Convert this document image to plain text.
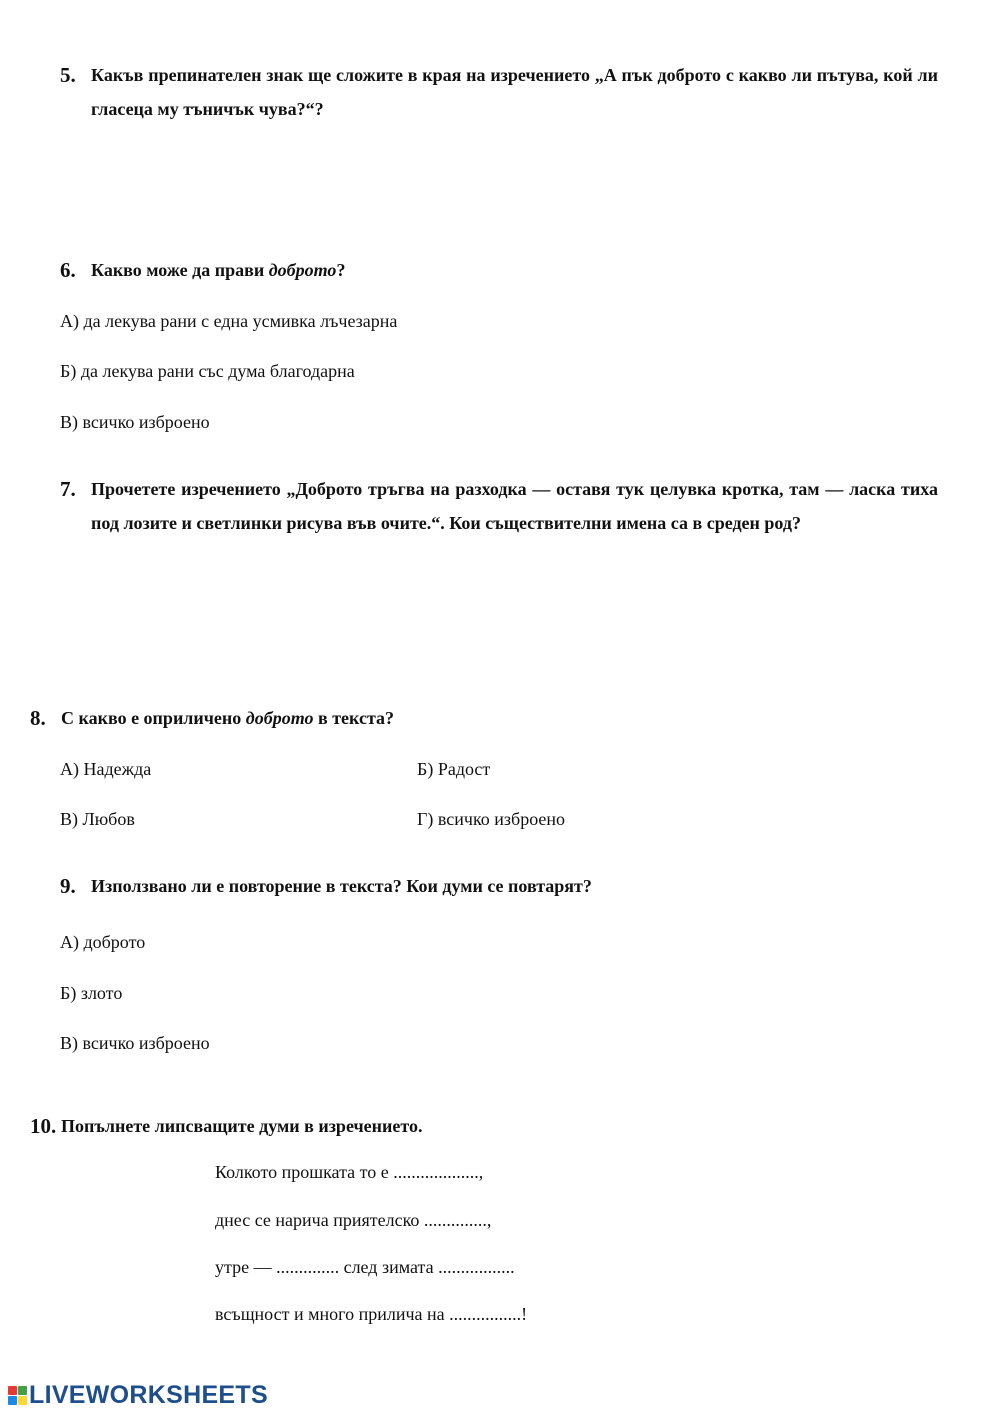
5. Какъв препинателен знак ще сложите в края на изречението „А пък доброто с какво ли пътува, кой ли гласеца му тъничък чува?“?
6. Какво може да прави доброто?
А) да лекува рани с една усмивка лъчезарна
Б) да лекува рани със дума благодарна
В) всичко изброено
7. Прочетете изречението „Доброто тръгва на разходка — оставя тук целувка кротка, там — ласка тиха под лозите и светлинки рисува във очите.“. Кои съществителни имена са в среден род?
8. С какво е оприличено доброто в текста?
А) Надежда	Б) Радост
В) Любов	Г) всичко изброено
9. Използвано ли е повторение в текста? Кои думи се повтарят?
А) доброто
Б) злото
В) всичко изброено
10. Попълнете липсващите думи в изречението.
Колкото прошката то е ...................,
днес се нарича приятелско ..............,
утре — .............. след зимата .................
всъщност и много прилича на ................!
LIVEWORKSHEETS
